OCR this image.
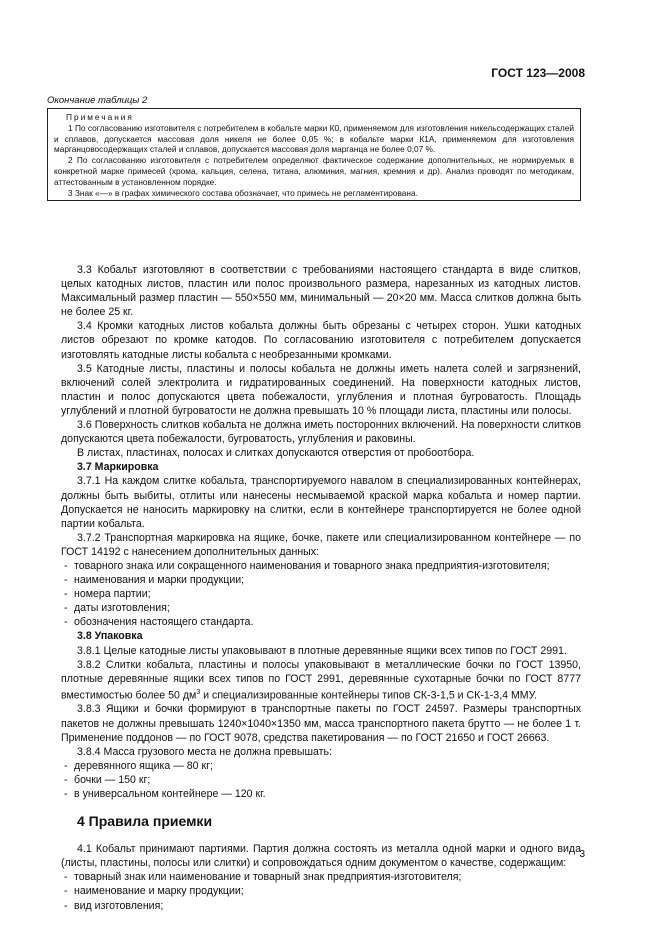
ГОСТ 123—2008
Окончание таблицы 2
Примечания

1 По согласованию изготовителя с потребителем в кобальте марки К0, применяемом для изготовления никельсодержащих сталей и сплавов, допускается массовая доля никеля не более 0,05 %; в кобальте марки К1А, применяемом для изготовления марганцовосодержащих сталей и сплавов, допускается массовая доля марганца не более 0,07 %.

2 По согласованию изготовителя с потребителем определяют фактическое содержание дополнительных, не нормируемых в конкретной марке примесей (хрома, кальция, селена, титана, алюминия, магния, кремния и др). Анализ проводят по методикам, аттестованным в установленном порядке.

3 Знак «—» в графах химического состава обозначает, что примесь не регламентирована.

3.3 Кобальт изготовляют в соответствии с требованиями настоящего стандарта в виде слитков, целых катодных листов, пластин или полос произвольного размера, нарезанных из катодных листов. Максимальный размер пластин — 550×550 мм, минимальный — 20×20 мм. Масса слитков должна быть не более 25 кг.

3.4 Кромки катодных листов кобальта должны быть обрезаны с четырех сторон. Ушки катодных листов обрезают по кромке катодов. По согласованию изготовителя с потребителем допускается изготовлять катодные листы кобальта с необрезанными кромками.

3.5 Катодные листы, пластины и полосы кобальта не должны иметь налета солей и загрязнений, включений солей электролита и гидратированных соединений. На поверхности катодных листов, пластин и полос допускаются цвета побежалости, углубления и плотная бугроватость. Площадь углублений и плотной бугроватости не должна превышать 10 % площади листа, пластины или полосы.

3.6 Поверхность слитков кобальта не должна иметь посторонних включений. На поверхности слитков допускаются цвета побежалости, бугроватость, углубления и раковины.

В листах, пластинах, полосах и слитках допускаются отверстия от пробоотбора.

3.7 Маркировка

3.7.1 На каждом слитке кобальта, транспортируемого навалом в специализированных контейнерах, должны быть выбиты, отлиты или нанесены несмываемой краской марка кобальта и номер партии. Допускается не наносить маркировку на слитки, если в контейнере транспортируется не более одной партии кобальта.

3.7.2 Транспортная маркировка на ящике, бочке, пакете или специализированном контейнере — по ГОСТ 14192 с нанесением дополнительных данных:

- товарного знака или сокращенного наименования и товарного знака предприятия-изготовителя;

- наименования и марки продукции;

- номера партии;

- даты изготовления;

- обозначения настоящего стандарта.

3.8 Упаковка

3.8.1 Целые катодные листы упаковывают в плотные деревянные ящики всех типов по ГОСТ 2991.

3.8.2 Слитки кобальта, пластины и полосы упаковывают в металлические бочки по ГОСТ 13950, плотные деревянные ящики всех типов по ГОСТ 2991, деревянные сухотарные бочки по ГОСТ 8777 вместимостью более 50 $дм^3$ и специализированные контейнеры типов СК-3-1,5 и СК-1-3,4 ММУ.

3.8.3 Ящики и бочки формируют в транспортные пакеты по ГОСТ 24597. Размеры транспортных пакетов не должны превышать 1240×1040×1350 мм, масса транспортного пакета брутто — не более 1 т. Применение поддонов — по ГОСТ 9078, средства пакетирования — по ГОСТ 21650 и ГОСТ 26663.

3.8.4 Масса грузового места не должна превышать:

- деревянного ящика — 80 кг;

- бочки — 150 кг;

- в универсальном контейнере — 120 кг.

4 Правила приемки

4.1 Кобальт принимают партиями. Партия должна состоять из металла одной марки и одного вида (листы, пластины, полосы или слитки) и сопровождаться одним документом о качестве, содержащим:

- товарный знак или наименование и товарный знак предприятия-изготовителя;

- наименование и марку продукции;

- вид изготовления;

3
